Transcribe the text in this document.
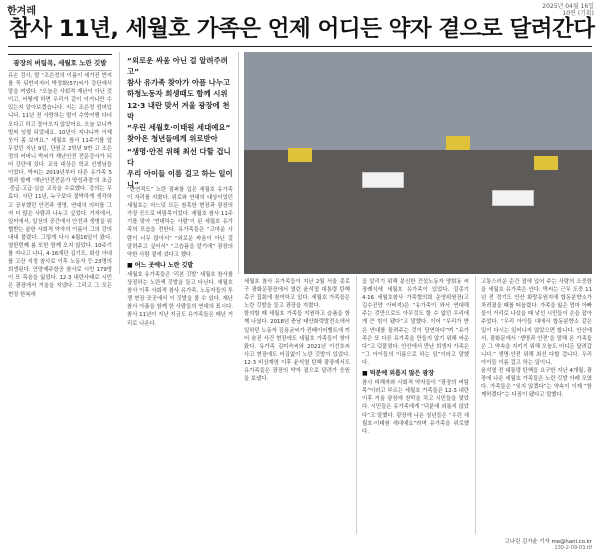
한겨레	2025년 04월 16일
10면 (기획)
참사 11년, 세월호 가족은 언제 어디든 약자 곁으로 달려간다
광장의 버팀목, 세월호 노란 깃발
유손 검사, 딸 “조은정의 이름이 세가진 반지를 꼭 뒤반지지어 박정화(57)씨가 강단에서 말을 꺼냈다. “오늘은 사회적 재난이 아닌 것이고, 어떻게 하면 우리가 같이 이거니만 수 있는지 알아보겠습니다. 지는 조은정 엄마입니다. 11년 전 사랑하는 딸이 수학여행 다녀오다고 하고 돌아오지 않았어요. 오늘 보니까 벌써 임철 되었네요. 10년이 지나니까 이제 웃이 좀 보여요.” 세월호 참사 11주기를 앞두었던 지난 9일, 단원고 2학년 9반 고 조은정의 어머니 박씨가 재난안전 전문강사가 되어 강단에 섰다. 교육 대상은 학교 선생님들이었다. 박씨는 2019년부터 다른 유가족 5명과 함께 ‘재난안전전문가 양성과정’의 초급·중급·고급·실습 교육을 수료했다. 강의는 무료다. 사단 11년, 누구보다 절박하게 생각하고 공부했던 안전과 생명, 연대의 의미를 그저 더 많은 사람과 나누고 싶었다. 거처에서, 일터에서, 일상의 공간에서 안전과 생명을 위협받는 숱한 사회적 약자의 이름이 그의 강의 내내 불렸다. 그렇게 다시 4월16일이 왔다. 열한번째 봄 또한 함께 오지 않았다. 10주기를 지나고 나니, 4·16재단 김기도, 화상 아내를 고잔 지정 참사로 이후 노동자 등 23명의 희생된다. 안양제주항공 참사로 시민 179명이 또 목숨을 잃었다. 12·3 내란사태로 시민은 광장에서 거울을 지냈다. 그리고 그 모든 현장 한복에
“외로운 싸움 아닌 걸 알려주려고”
참사 유가족 찾아가 아픔 나누고
하청노동자 희생때도 함께 시위
12·3 내란 맞서 겨울 광장에 천막
“우린 세월호·이태원 세대예요”
찾아온 청년들에게 위로받아
“생명·안전 위해 최선 다할 겁니다
우리 아이들 이름 걸고 하는 일이니”
“탄연적도” 노란 점퍼를 입은 세월호 유가족이 자리를 지켰다. 위로와 연대의 대상이었던 세월호는 어느덧 모든 참혹한 현장과 광장의 가장 곳으로 버팀목이었다. 세월호 참사 11주기를 맞아 ‘연대하는 사람’이 된 세월호 유가족의 모습을 전한다. 유가족들은 “고마운 사람이 너무 많아서” “외로운 싸움이 아닌 걸 알려주고 싶어서” “고슴픔을 알기에” 광장의 약한 사람 곁에 섰다고 했다.
■ 어느 곳에나 노란 깃발
세월호 유가족들은 ‘리본 깃발’ 세월호 참사를 상징하는 노란색 깃발을 들고 다닌다. 세월호 참사 이후 사회적 참사 유가족, 노동자들의 투쟁 현장 곳곳에서 이 깃발을 볼 수 있다. 재난 참사 아픔을 함께 한 사람들의 연대의 표시다. 참사 11년이 지난 지금도 유가족들은 매년 거리로 나온다.
세월호 참사 유가족들이 지난 2월 서울 종로구 광화문광장에서 열린 윤석열 대통령 탄핵 촉구 집회에 참여하고 있다. 세월호 가족들은 노란 깃발을 들고 광장을 지켰다.
함의할 때 세월호 가족들 지원하고 슬픔을 함께 나눴다. 2018년 충남 태안화력발전소에서 일하던 노동자 김용균씨가 컨베이어벨트에 끼어 숨진 사건 현장에도 세월호 가족들이 찾아왔다. 유가족 김미숙씨와 2021년 이선호씨 사고 현장에도 어김없이 노란 깃발이 있었다. 12·3 비상계엄 이후 윤석열 탄핵 광장에서도 유가족들은 광장의 약자 곁으로 달려가 응원을 보냈다.
을 알리기 위해 분신한 건설노동자 양회동 씨 장례식에 세월호 유가족이 있었다. 김종기 4·16 세월호참사 가족협의회 운영위원장(고 김수진양 아버지)은 “유가족이 와서 연대해 주는 것만으로도 아무것도 할 수 없던 우리에게 큰 힘이 됐다”고 말했다. 이어 “우리가 받은 연대를 돌려주는 것이 당연하다”며 “유가족은 또 다른 유가족을 만들지 않기 위해 싸운다”고 덧붙였다. 안산에서 만난 희생자 가족은 “그 아이들의 이름으로 하는 일”이라고 말했다.
■ 덕분에 외롭지 않은 광장
참사 피해자와 사회적 약자들이 “광장의 버팀목”이라고 부르는 세월호 가족들은 12·3 내란 이후 겨울 광장에 천막을 치고 시민들을 맞았다. 시민들은 유가족에게 “덕분에 외롭지 않았다”고 말했다. 광장에 나온 청년들은 “우린 세월호·이태원 세대예요”라며 유가족을 위로했다.
고통스러운 순간 곁에 있어 주는 사람의 소중함을 세월호 유가족은 안다. 박씨는 근무 도중 11년 전 경기도 안산 화랑유원지에 합동분향소가 차려졌을 때를 떠올렸다. 가족을 잃은 엄마 아빠들이 거리로 나섰을 때 낯선 시민들이 손을 잡아주었다. “우리 아이들 대에서 합동분향소 같은 일이 다시는 일어나지 않았으면 합니다. 안산에서, 광화문에서 ‘생명과 안전’을 말해 온 가족들은 그 약속을 지키기 위해 오늘도 어디든 달려갑니다.” 생명·안전 위해 최선 다할 겁니다. 우리 아이들 이름 걸고 하는 일이니.
윤석열 전 대통령 탄핵을 요구한 지난 4개월, 광장에 나온 세월호 가족들은 노란 깃발 아래 모였다. 가족들은 “잊지 않겠다”는 약속이 이제 “함께하겠다”는 다짐이 됐다고 말했다.
고나린 김가윤 기자 me@hani.co.kr
130-2-09-03.tif
